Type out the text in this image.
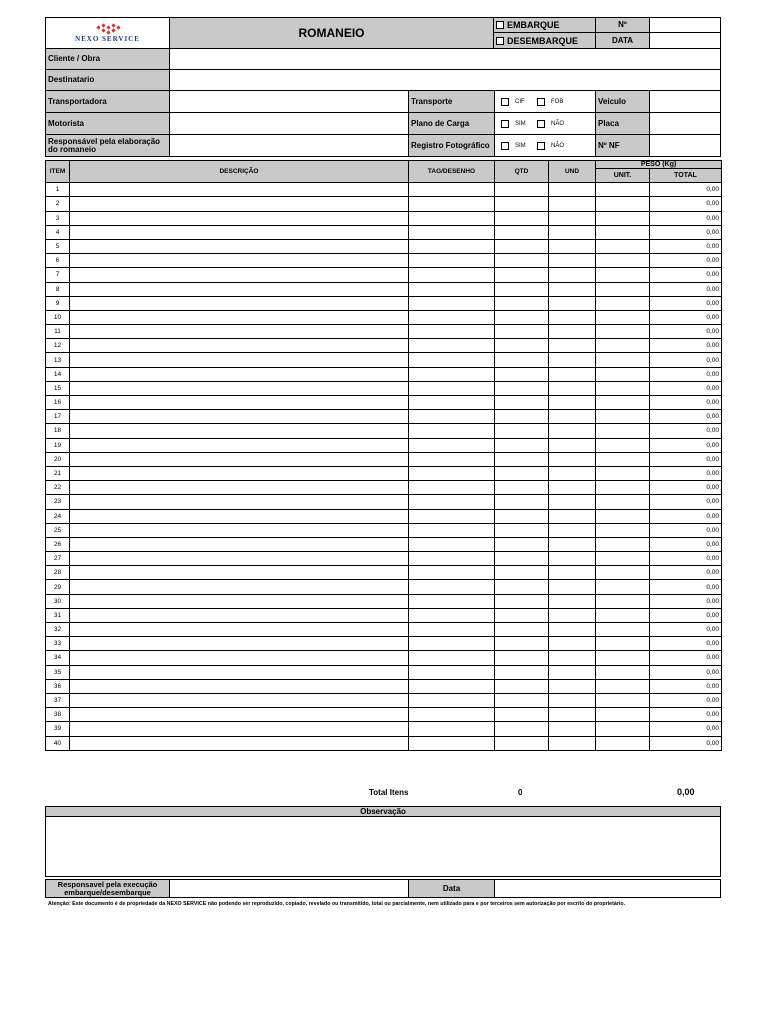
NEXO SERVICE	ROMANEIO
EMBARQUE
DESEMBARQUE
Nº
DATA
Cliente / Obra
Destinatario
Transportadora	Transporte	CIF	FOB	Veiculo
Motorista	Plano de Carga	SIM	NÃO	Placa
Responsável pela elaboração do romaneio	Registro Fotográfico	SIM	NÃO	Nº NF
ITEM	DESCRIÇÃO	TAG/DESENHO	QTD	UND	PESO (Kg)	
					UNIT.	TOTAL
1						0,00
2						0,00
3						0,00
4						0,00
5						0,00
6						0,00
7						0,00
8						0,00
9						0,00
10						0,00
11						0,00
12						0,00
13						0,00
14						0,00
15						0,00
16						0,00
17						0,00
18						0,00
19						0,00
20						0,00
21						0,00
22						0,00
23						0,00
24						0,00
25						0,00
26						0,00
27						0,00
28						0,00
29						0,00
30						0,00
31						0,00
32						0,00
33						0,00
34						0,00
35						0,00
36						0,00
37						0,00
38						0,00
39						0,00
40						0,00
Total Itens	0	0,00
Observação
Responsavel pela execução embarque/desembarque	Data
Atenção: Este documento é de propriedade da NEXO SERVICE não podendo ser reproduzido, copiado, revelado ou transmitido, total ou parcialmente, nem utilizado para e por terceiros sem autorização por escrito do proprietário.
